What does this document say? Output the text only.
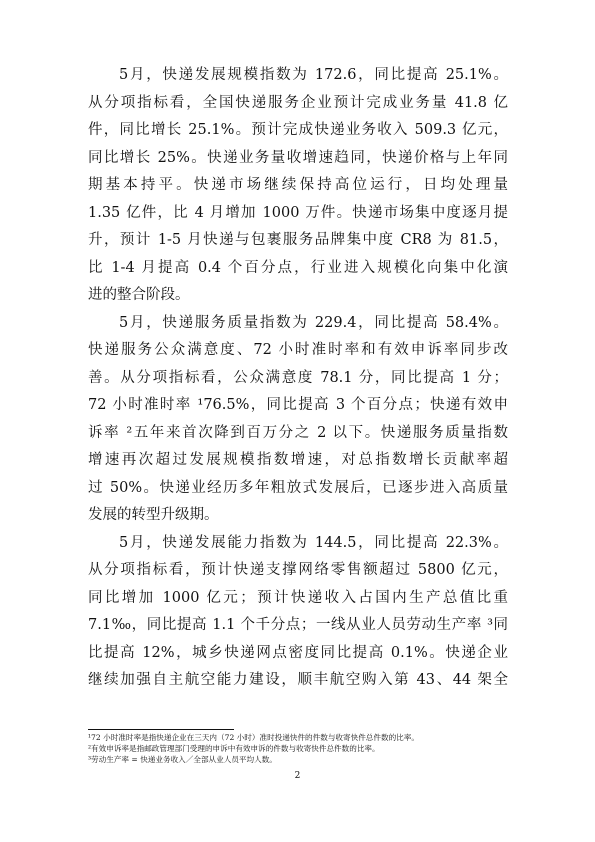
5月，快递发展规模指数为 172.6，同比提高 25.1%。
从分项指标看，全国快递服务企业预计完成业务量 41.8 亿
件，同比增长 25.1%。预计完成快递业务收入 509.3 亿元，
同比增长 25%。快递业务量收增速趋同，快递价格与上年同
期基本持平。快递市场继续保持高位运行，日均处理量
1.35 亿件，比 4 月增加 1000 万件。快递市场集中度逐月提
升，预计 1-5 月快递与包裹服务品牌集中度 CR8 为 81.5，
比 1-4 月提高 0.4 个百分点，行业进入规模化向集中化演
进的整合阶段。
5月，快递服务质量指数为 229.4，同比提高 58.4%。
快递服务公众满意度、72 小时准时率和有效申诉率同步改
善。从分项指标看，公众满意度 78.1 分，同比提高 1 分；
72 小时准时率 ¹76.5%，同比提高 3 个百分点；快递有效申
诉率 ²五年来首次降到百万分之 2 以下。快递服务质量指数
增速再次超过发展规模指数增速，对总指数增长贡献率超
过 50%。快递业经历多年粗放式发展后，已逐步进入高质量
发展的转型升级期。
5月，快递发展能力指数为 144.5，同比提高 22.3%。
从分项指标看，预计快递支撑网络零售额超过 5800 亿元，
同比增加 1000 亿元；预计快递收入占国内生产总值比重
7.1‰，同比提高 1.1 个千分点；一线从业人员劳动生产率 ³同
比提高 12%，城乡快递网点密度同比提高 0.1%。快递企业
继续加强自主航空能力建设，顺丰航空购入第 43、44 架全
¹72 小时准时率是指快递企业在三天内（72 小时）准时投递快件的件数与收寄快件总件数的比率。
²有效申诉率是指邮政管理部门受理的申诉中有效申诉的件数与收寄快件总件数的比率。
³劳动生产率 = 快递业务收入／全部从业人员平均人数。
2
